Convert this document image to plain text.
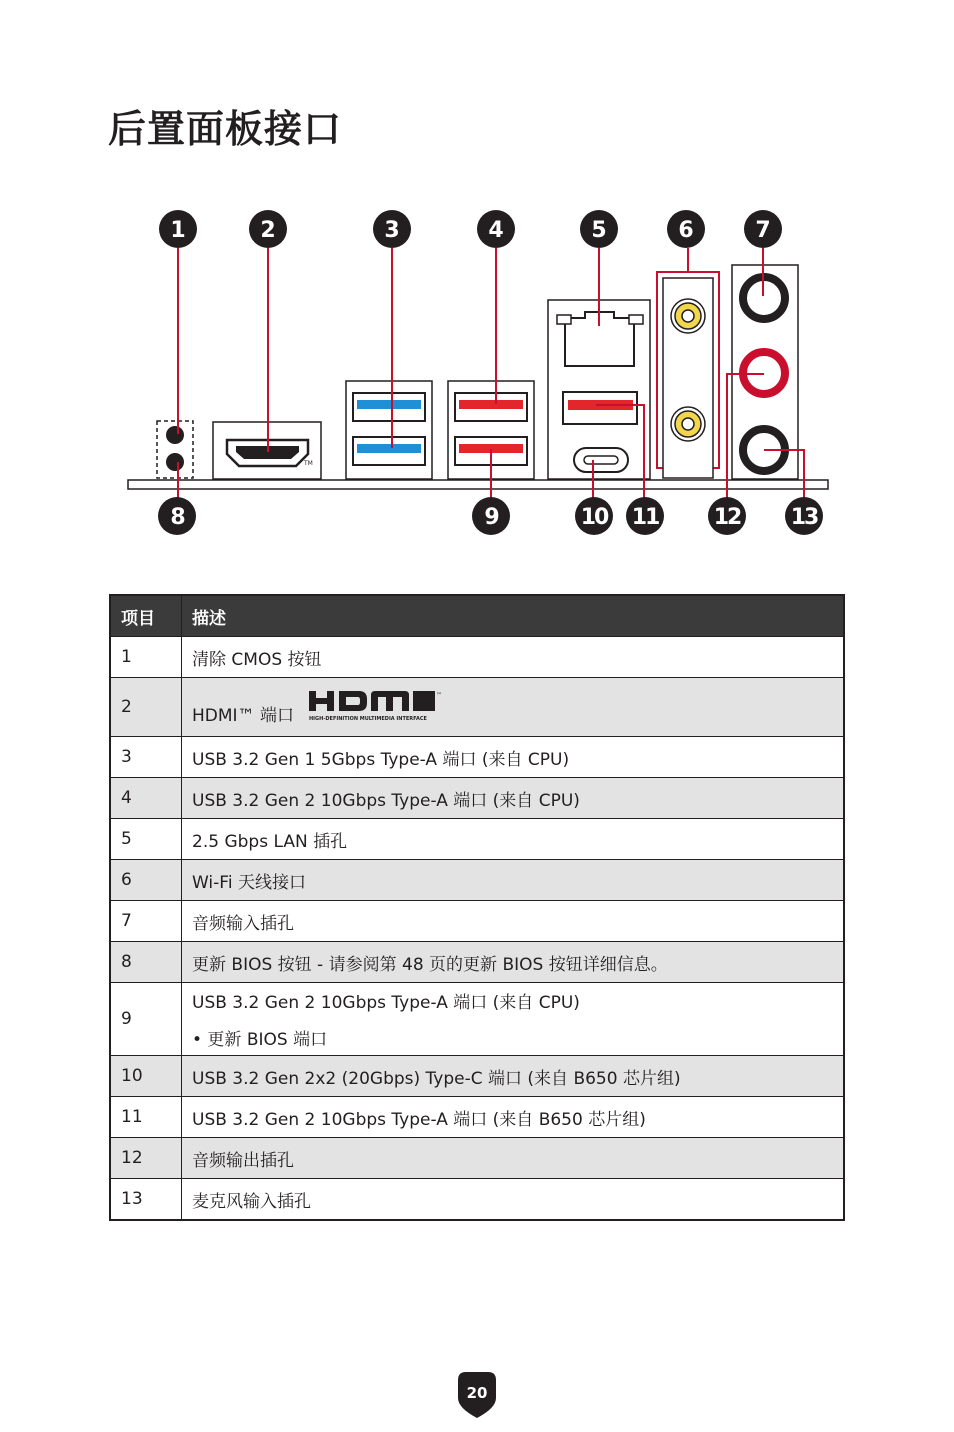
后置面板接口
TM
1	2	3	4	5	6	7
8	9	10 11	12 13
项目	描述
1	清除 CMOS 按钮
2	HDMI™ 端口
™
HIGH-DEFINITION MULTIMEDIA INTERFACE

3	USB 3.2 Gen 1 5Gbps Type-A 端口 (来自 CPU)
4	USB 3.2 Gen 2 10Gbps Type-A 端口 (来自 CPU)
5	2.5 Gbps LAN 插孔
6	Wi-Fi 天线接口
7	音频输入插孔
8	更新 BIOS 按钮 - 请参阅第 48 页的更新 BIOS 按钮详细信息。
9	USB 3.2 Gen 2 10Gbps Type-A 端口 (来自 CPU)
• 更新 BIOS 端口

10	USB 3.2 Gen 2x2 (20Gbps) Type-C 端口 (来自 B650 芯片组)
11	USB 3.2 Gen 2 10Gbps Type-A 端口 (来自 B650 芯片组)
12	音频输出插孔
13	麦克风输入插孔
20
